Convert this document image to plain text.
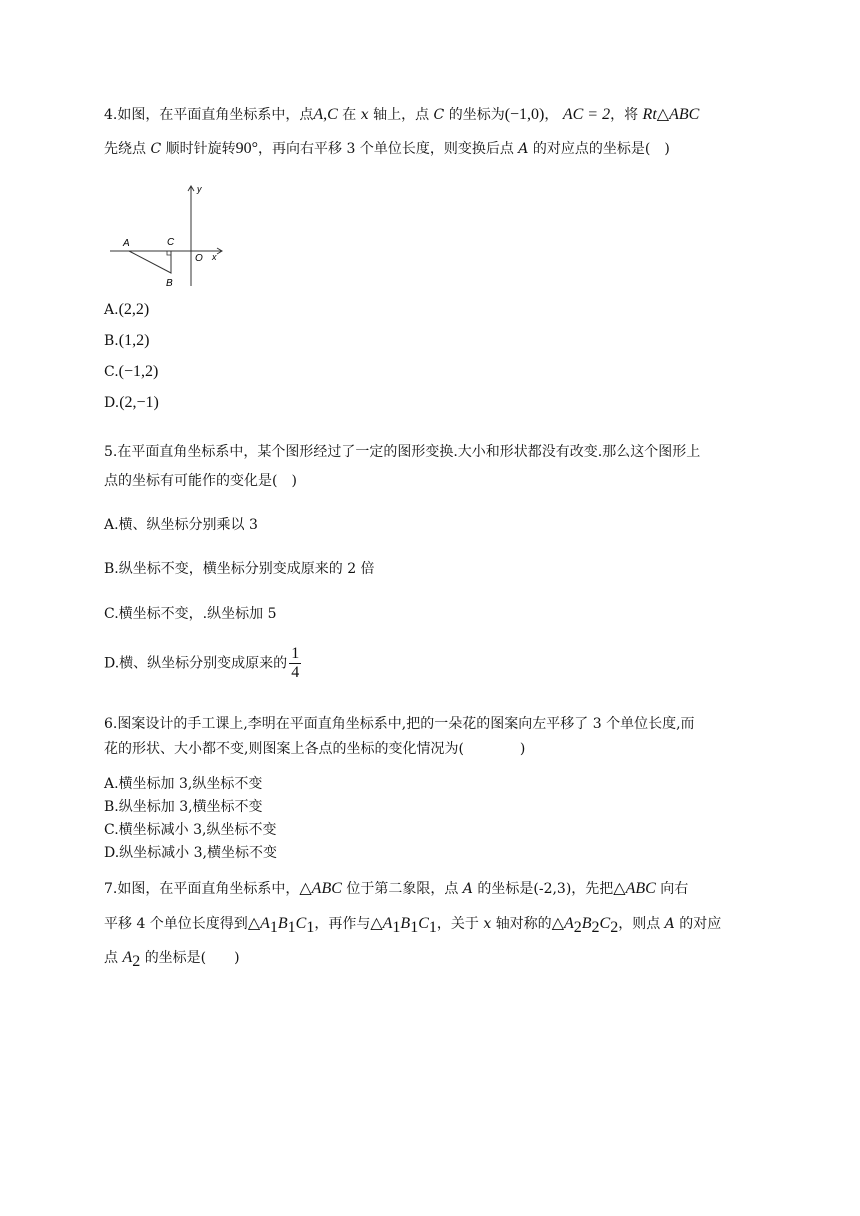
4.如图，在平面直角坐标系中，点A,C 在 x 轴上，点 C 的坐标为(−1,0)， AC = 2，将 Rt△ABC
先绕点 C 顺时针旋转90°，再向右平移 3 个单位长度，则变换后点 A 的对应点的坐标是(　)
y
x
O
A	C
B
A.(2,2)
B.(1,2)
C.(−1,2)
D.(2,−1)
5.在平面直角坐标系中，某个图形经过了一定的图形变换.大小和形状都没有改变.那么这个图形上
点的坐标有可能作的变化是(　)
A.横、纵坐标分别乘以 3
B.纵坐标不变，横坐标分别变成原来的 2 倍
C.横坐标不变，.纵坐标加 5
D.横、纵坐标分别变成原来的 $\frac{1}{4}$
6.图案设计的手工课上,李明在平面直角坐标系中,把的一朵花的图案向左平移了 3 个单位长度,而
花的形状、大小都不变,则图案上各点的坐标的变化情况为(　　　　)
A.横坐标加 3,纵坐标不变
B.纵坐标加 3,横坐标不变
C.横坐标减小 3,纵坐标不变
D.纵坐标减小 3,横坐标不变
7.如图，在平面直角坐标系中，△ABC 位于第二象限，点 A 的坐标是(-2,3)，先把△ABC 向右
平移 4 个单位长度得到$\triangle A_1B_1C_1$，再作与$\triangle A_1B_1C_1$，关于 x 轴对称的$\triangle A_2B_2C_2$，则点 A 的对应
点 $A_2$ 的坐标是(　　)
